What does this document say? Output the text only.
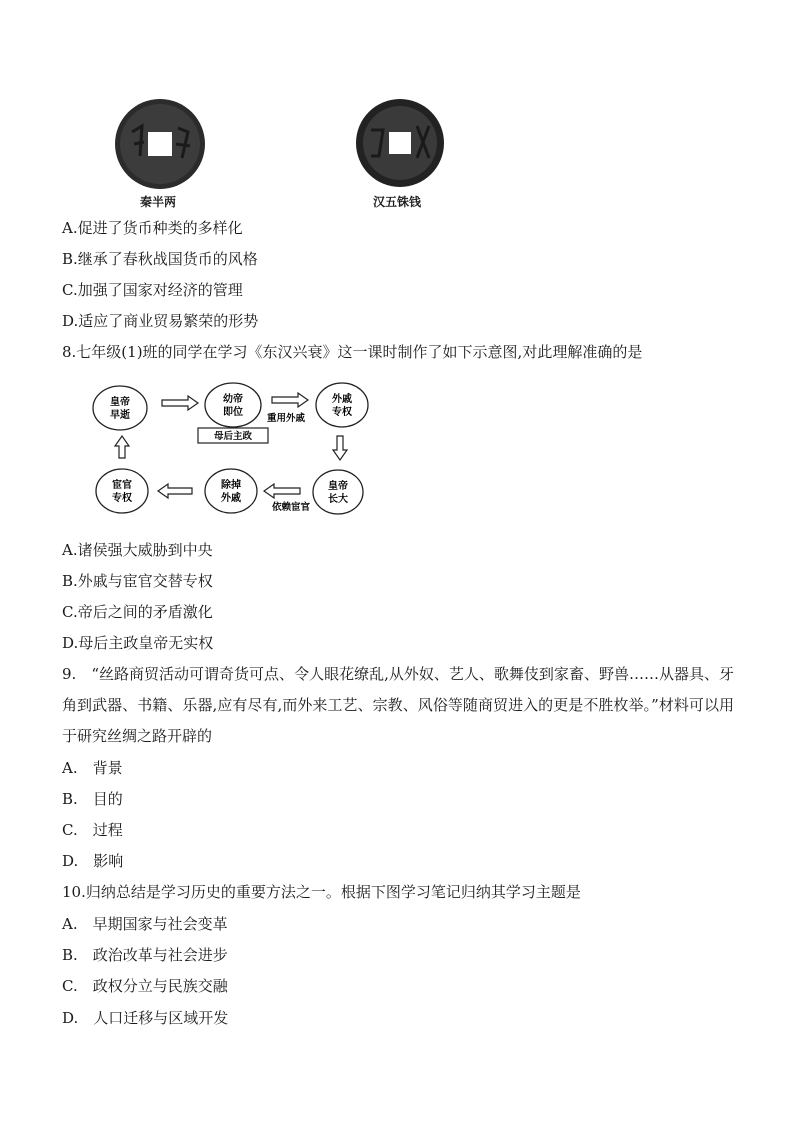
秦半两	汉五铢钱
A.促进了货币种类的多样化
B.继承了春秋战国货币的风格
C.加强了国家对经济的管理
D.适应了商业贸易繁荣的形势
8.七年级(1)班的同学在学习《东汉兴衰》这一课时制作了如下示意图,对此理解准确的是
皇帝
早逝
幼帝
即位
外戚
专权
皇帝
长大
除掉
外戚
宦官
专权
重用外戚
母后主政
依赖宦官
A.诸侯强大威胁到中央
B.外戚与宦官交替专权
C.帝后之间的矛盾激化
D.母后主政皇帝无实权
9.　“丝路商贸活动可谓奇货可点、令人眼花缭乱,从外奴、艺人、歌舞伎到家畜、野兽……从器具、牙角到武器、书籍、乐器,应有尽有,而外来工艺、宗教、风俗等随商贸进入的更是不胜枚举。”材料可以用于研究丝绸之路开辟的
A.　背景
B.　目的
C.　过程
D.　影响
10.归纳总结是学习历史的重要方法之一。根据下图学习笔记归纳其学习主题是
A.　早期国家与社会变革
B.　政治改革与社会进步
C.　政权分立与民族交融
D.　人口迁移与区域开发
